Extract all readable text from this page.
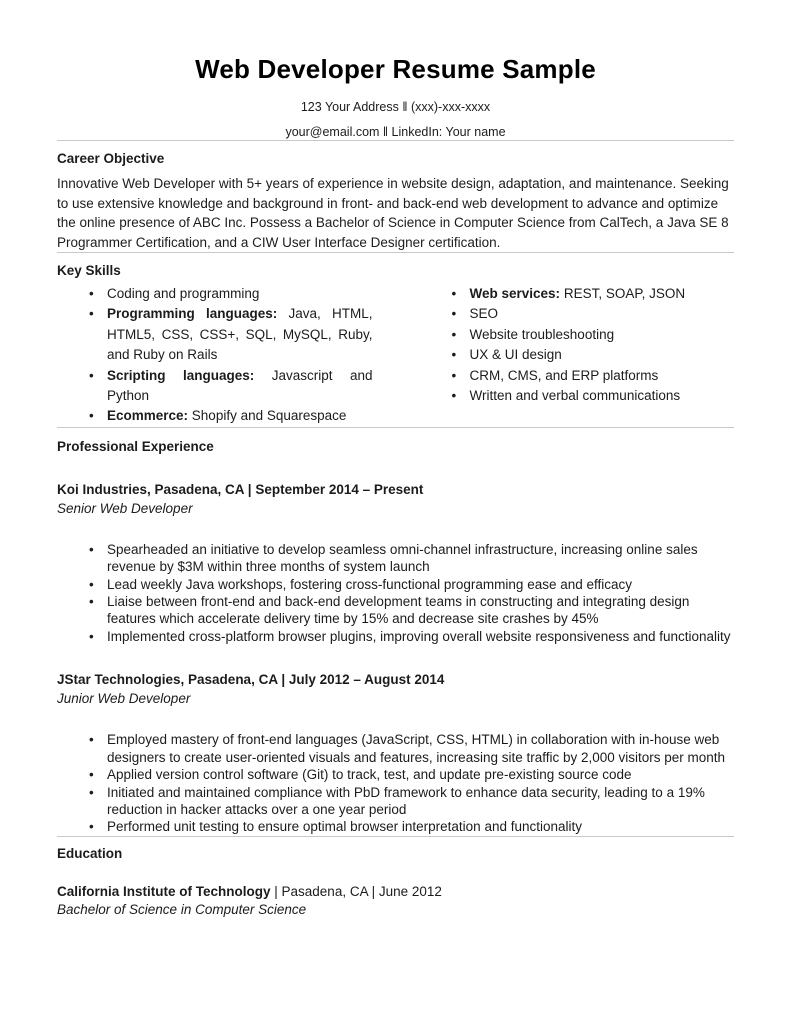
Web Developer Resume Sample
123 Your Address ‖ (xxx)-xxx-xxxx
your@email.com ‖ LinkedIn: Your name
Career Objective

Innovative Web Developer with 5+ years of experience in website design, adaptation, and maintenance. Seeking to use extensive knowledge and background in front- and back-end web development to advance and optimize the online presence of ABC Inc. Possess a Bachelor of Science in Computer Science from CalTech, a Java SE 8 Programmer Certification, and a CIW User Interface Designer certification.

Key Skills
• Coding and programming
• Programming languages: Java, HTML, HTML5, CSS, CSS+, SQL, MySQL, Ruby, and Ruby on Rails
• Scripting languages: Javascript and Python
• Ecommerce: Shopify and Squarespace
• Web services: REST, SOAP, JSON
• SEO
• Website troubleshooting
• UX & UI design
• CRM, CMS, and ERP platforms
• Written and verbal communications
Professional Experience
Koi Industries, Pasadena, CA | September 2014 – Present
Senior Web Developer
• Spearheaded an initiative to develop seamless omni-channel infrastructure, increasing online sales revenue by $3M within three months of system launch
• Lead weekly Java workshops, fostering cross-functional programming ease and efficacy
• Liaise between front-end and back-end development teams in constructing and integrating design features which accelerate delivery time by 15% and decrease site crashes by 45%
• Implemented cross-platform browser plugins, improving overall website responsiveness and functionality
JStar Technologies, Pasadena, CA | July 2012 – August 2014
Junior Web Developer
• Employed mastery of front-end languages (JavaScript, CSS, HTML) in collaboration with in-house web designers to create user-oriented visuals and features, increasing site traffic by 2,000 visitors per month
• Applied version control software (Git) to track, test, and update pre-existing source code
• Initiated and maintained compliance with PbD framework to enhance data security, leading to a 19% reduction in hacker attacks over a one year period
• Performed unit testing to ensure optimal browser interpretation and functionality
Education
California Institute of Technology | Pasadena, CA | June 2012
Bachelor of Science in Computer Science
